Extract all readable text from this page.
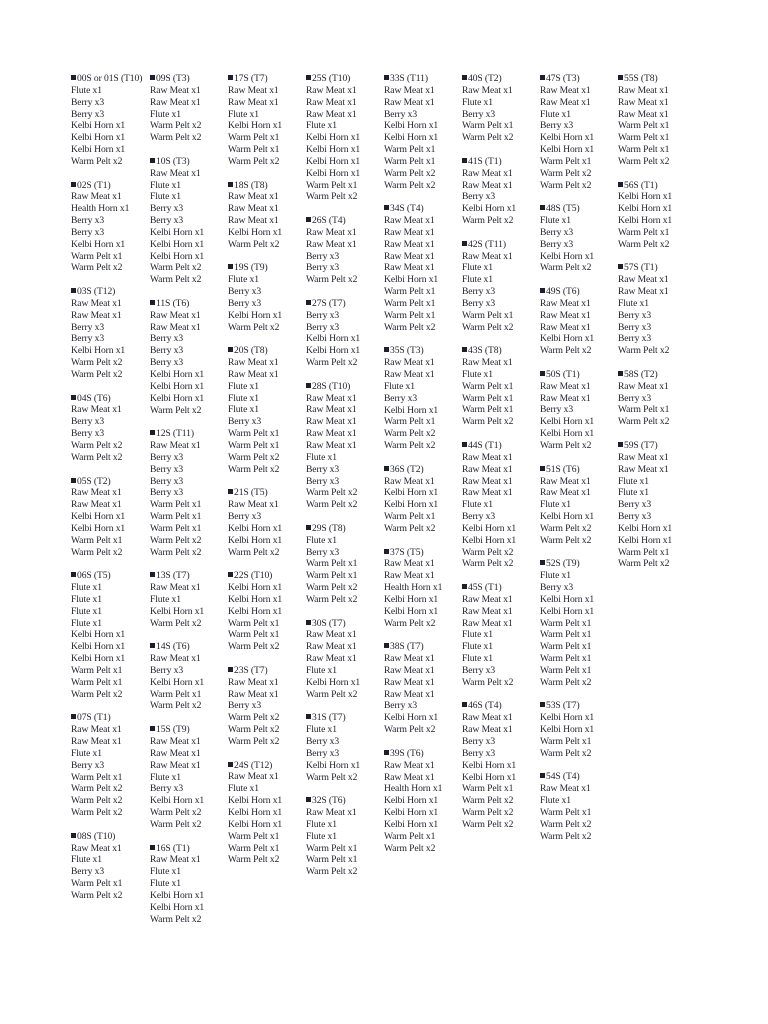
00S or 01S (T10)
Flute x1
Berry x3
Berry x3
Kelbi Horn x1
Kelbi Horn x1
Kelbi Horn x1
Warm Pelt x2
02S (T1)
Raw Meat x1
Health Horn x1
Berry x3
Berry x3
Kelbi Horn x1
Warm Pelt x1
Warm Pelt x2
03S (T12)
Raw Meat x1
Raw Meat x1
Berry x3
Berry x3
Kelbi Horn x1
Warm Pelt x2
Warm Pelt x2
04S (T6)
Raw Meat x1
Berry x3
Berry x3
Warm Pelt x2
Warm Pelt x2
05S (T2)
Raw Meat x1
Raw Meat x1
Kelbi Horn x1
Kelbi Horn x1
Warm Pelt x1
Warm Pelt x2
06S (T5)
Flute x1
Flute x1
Flute x1
Flute x1
Kelbi Horn x1
Kelbi Horn x1
Kelbi Horn x1
Warm Pelt x1
Warm Pelt x1
Warm Pelt x2
07S (T1)
Raw Meat x1
Raw Meat x1
Flute x1
Berry x3
Warm Pelt x1
Warm Pelt x2
Warm Pelt x2
Warm Pelt x2
08S (T10)
Raw Meat x1
Flute x1
Berry x3
Warm Pelt x1
Warm Pelt x2
09S (T3)
Raw Meat x1
Raw Meat x1
Flute x1
Warm Pelt x2
Warm Pelt x2
10S (T3)
Raw Meat x1
Flute x1
Flute x1
Berry x3
Berry x3
Kelbi Horn x1
Kelbi Horn x1
Kelbi Horn x1
Warm Pelt x2
Warm Pelt x2
11S (T6)
Raw Meat x1
Raw Meat x1
Berry x3
Berry x3
Berry x3
Kelbi Horn x1
Kelbi Horn x1
Kelbi Horn x1
Warm Pelt x2
12S (T11)
Raw Meat x1
Berry x3
Berry x3
Berry x3
Berry x3
Warm Pelt x1
Warm Pelt x1
Warm Pelt x1
Warm Pelt x2
Warm Pelt x2
13S (T7)
Raw Meat x1
Flute x1
Kelbi Horn x1
Warm Pelt x2
14S (T6)
Raw Meat x1
Berry x3
Kelbi Horn x1
Warm Pelt x1
Warm Pelt x2
15S (T9)
Raw Meat x1
Raw Meat x1
Raw Meat x1
Flute x1
Berry x3
Kelbi Horn x1
Warm Pelt x2
Warm Pelt x2
16S (T1)
Raw Meat x1
Flute x1
Flute x1
Kelbi Horn x1
Kelbi Horn x1
Warm Pelt x2
17S (T7)
Raw Meat x1
Raw Meat x1
Flute x1
Kelbi Horn x1
Warm Pelt x1
Warm Pelt x1
Warm Pelt x2
18S (T8)
Raw Meat x1
Raw Meat x1
Raw Meat x1
Kelbi Horn x1
Warm Pelt x2
19S (T9)
Flute x1
Berry x3
Berry x3
Kelbi Horn x1
Warm Pelt x2
20S (T8)
Raw Meat x1
Raw Meat x1
Flute x1
Flute x1
Flute x1
Berry x3
Warm Pelt x1
Warm Pelt x1
Warm Pelt x2
Warm Pelt x2
21S (T5)
Raw Meat x1
Berry x3
Kelbi Horn x1
Kelbi Horn x1
Warm Pelt x2
22S (T10)
Kelbi Horn x1
Kelbi Horn x1
Kelbi Horn x1
Warm Pelt x1
Warm Pelt x1
Warm Pelt x2
23S (T7)
Raw Meat x1
Raw Meat x1
Berry x3
Warm Pelt x2
Warm Pelt x2
Warm Pelt x2
24S (T12)
Raw Meat x1
Flute x1
Kelbi Horn x1
Kelbi Horn x1
Kelbi Horn x1
Warm Pelt x1
Warm Pelt x1
Warm Pelt x2
25S (T10)
Raw Meat x1
Raw Meat x1
Raw Meat x1
Flute x1
Kelbi Horn x1
Kelbi Horn x1
Kelbi Horn x1
Kelbi Horn x1
Warm Pelt x1
Warm Pelt x2
26S (T4)
Raw Meat x1
Raw Meat x1
Berry x3
Berry x3
Warm Pelt x2
27S (T7)
Berry x3
Berry x3
Kelbi Horn x1
Kelbi Horn x1
Warm Pelt x2
28S (T10)
Raw Meat x1
Raw Meat x1
Raw Meat x1
Raw Meat x1
Raw Meat x1
Flute x1
Berry x3
Berry x3
Warm Pelt x2
Warm Pelt x2
29S (T8)
Flute x1
Berry x3
Warm Pelt x1
Warm Pelt x1
Warm Pelt x2
Warm Pelt x2
30S (T7)
Raw Meat x1
Raw Meat x1
Raw Meat x1
Flute x1
Kelbi Horn x1
Warm Pelt x2
31S (T7)
Flute x1
Berry x3
Berry x3
Kelbi Horn x1
Warm Pelt x2
32S (T6)
Raw Meat x1
Flute x1
Flute x1
Warm Pelt x1
Warm Pelt x1
Warm Pelt x2
33S (T11)
Raw Meat x1
Raw Meat x1
Berry x3
Kelbi Horn x1
Kelbi Horn x1
Warm Pelt x1
Warm Pelt x1
Warm Pelt x2
Warm Pelt x2
34S (T4)
Raw Meat x1
Raw Meat x1
Raw Meat x1
Raw Meat x1
Raw Meat x1
Kelbi Horn x1
Warm Pelt x1
Warm Pelt x1
Warm Pelt x1
Warm Pelt x2
35S (T3)
Raw Meat x1
Raw Meat x1
Flute x1
Berry x3
Kelbi Horn x1
Warm Pelt x1
Warm Pelt x2
Warm Pelt x2
36S (T2)
Raw Meat x1
Kelbi Horn x1
Kelbi Horn x1
Warm Pelt x1
Warm Pelt x2
37S (T5)
Raw Meat x1
Raw Meat x1
Health Horn x1
Kelbi Horn x1
Kelbi Horn x1
Warm Pelt x2
38S (T7)
Raw Meat x1
Raw Meat x1
Raw Meat x1
Raw Meat x1
Berry x3
Kelbi Horn x1
Warm Pelt x2
39S (T6)
Raw Meat x1
Raw Meat x1
Health Horn x1
Kelbi Horn x1
Kelbi Horn x1
Kelbi Horn x1
Warm Pelt x1
Warm Pelt x2
40S (T2)
Raw Meat x1
Flute x1
Berry x3
Warm Pelt x1
Warm Pelt x2
41S (T1)
Raw Meat x1
Raw Meat x1
Berry x3
Kelbi Horn x1
Warm Pelt x2
42S (T11)
Raw Meat x1
Flute x1
Flute x1
Berry x3
Berry x3
Warm Pelt x1
Warm Pelt x2
43S (T8)
Raw Meat x1
Flute x1
Warm Pelt x1
Warm Pelt x1
Warm Pelt x1
Warm Pelt x2
44S (T1)
Raw Meat x1
Raw Meat x1
Raw Meat x1
Raw Meat x1
Flute x1
Berry x3
Kelbi Horn x1
Kelbi Horn x1
Warm Pelt x2
Warm Pelt x2
45S (T1)
Raw Meat x1
Raw Meat x1
Raw Meat x1
Flute x1
Flute x1
Flute x1
Berry x3
Warm Pelt x2
46S (T4)
Raw Meat x1
Raw Meat x1
Berry x3
Berry x3
Kelbi Horn x1
Kelbi Horn x1
Warm Pelt x1
Warm Pelt x2
Warm Pelt x2
Warm Pelt x2
47S (T3)
Raw Meat x1
Raw Meat x1
Flute x1
Berry x3
Kelbi Horn x1
Kelbi Horn x1
Warm Pelt x1
Warm Pelt x2
Warm Pelt x2
48S (T5)
Flute x1
Berry x3
Berry x3
Kelbi Horn x1
Warm Pelt x2
49S (T6)
Raw Meat x1
Raw Meat x1
Raw Meat x1
Kelbi Horn x1
Warm Pelt x2
50S (T1)
Raw Meat x1
Raw Meat x1
Berry x3
Kelbi Horn x1
Kelbi Horn x1
Warm Pelt x2
51S (T6)
Raw Meat x1
Raw Meat x1
Flute x1
Kelbi Horn x1
Warm Pelt x2
Warm Pelt x2
52S (T9)
Flute x1
Berry x3
Kelbi Horn x1
Kelbi Horn x1
Warm Pelt x1
Warm Pelt x1
Warm Pelt x1
Warm Pelt x1
Warm Pelt x1
Warm Pelt x2
53S (T7)
Kelbi Horn x1
Kelbi Horn x1
Warm Pelt x1
Warm Pelt x2
54S (T4)
Raw Meat x1
Flute x1
Warm Pelt x1
Warm Pelt x2
Warm Pelt x2
55S (T8)
Raw Meat x1
Raw Meat x1
Raw Meat x1
Warm Pelt x1
Warm Pelt x1
Warm Pelt x1
Warm Pelt x2
56S (T1)
Kelbi Horn x1
Kelbi Horn x1
Kelbi Horn x1
Warm Pelt x1
Warm Pelt x2
57S (T1)
Raw Meat x1
Raw Meat x1
Flute x1
Berry x3
Berry x3
Berry x3
Warm Pelt x2
58S (T2)
Raw Meat x1
Berry x3
Warm Pelt x1
Warm Pelt x2
59S (T7)
Raw Meat x1
Raw Meat x1
Flute x1
Flute x1
Berry x3
Berry x3
Kelbi Horn x1
Kelbi Horn x1
Warm Pelt x1
Warm Pelt x2
